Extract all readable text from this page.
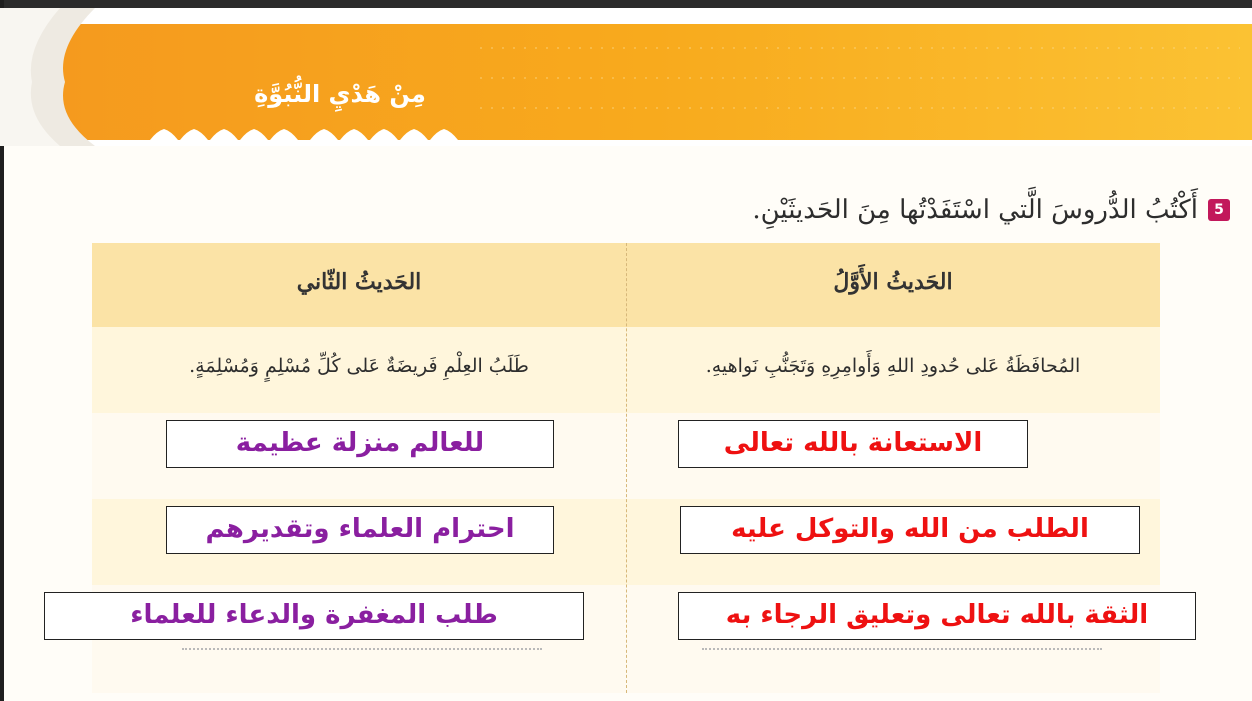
مِنْ هَدْيِ النُّبُوَّةِ
5
أَكْتُبُ الدُّروسَ الَّتي اسْتَفَدْتُها مِنَ الحَديثَيْنِ.
الحَديثُ الأَوَّلُ
الحَديثُ الثّاني
المُحافَظَةُ عَلى حُدودِ اللهِ وَأَوامِرِهِ وَتَجَنُّبِ نَواهيهِ.
طَلَبُ العِلْمِ فَريضَةٌ عَلى كُلِّ مُسْلِمٍ وَمُسْلِمَةٍ.
الاستعانة بالله تعالى
الطلب من الله والتوكل عليه
الثقة بالله تعالى وتعليق الرجاء به
للعالم منزلة عظيمة
احترام العلماء وتقديرهم
طلب المغفرة والدعاء للعلماء
